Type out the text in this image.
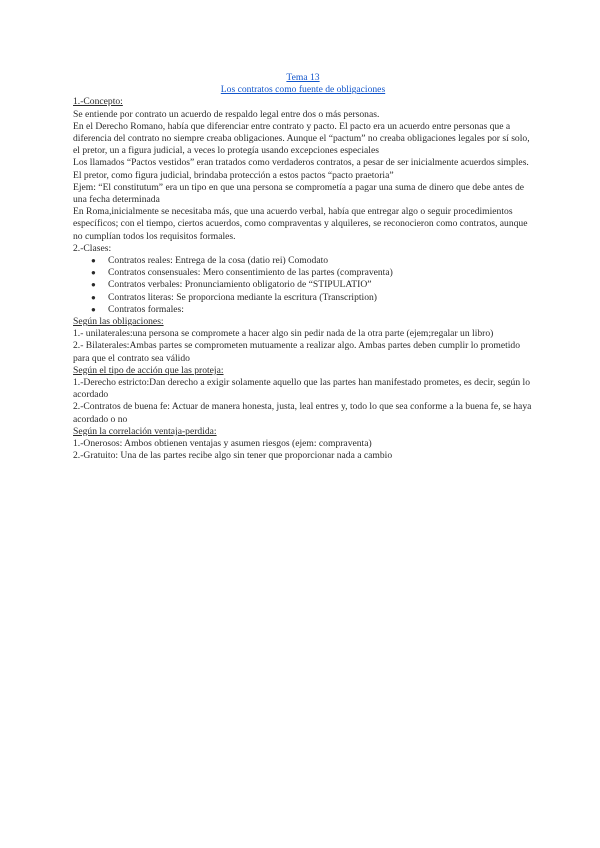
Tema 13
Los contratos como fuente de obligaciones

1.-Concepto:

Se entiende por contrato un acuerdo de respaldo legal entre dos o más personas.

En el Derecho Romano, había que diferenciar entre contrato y pacto. El pacto era un acuerdo entre personas que a diferencia del contrato no siempre creaba obligaciones. Aunque el “pactum” no creaba obligaciones legales por sí solo, el pretor, un a figura judicial, a veces lo protegía usando excepciones especiales

Los llamados “Pactos vestidos” eran tratados como verdaderos contratos, a pesar de ser inicialmente acuerdos simples. El pretor, como figura judicial, brindaba protección a estos pactos “pacto praetoria”

Ejem: “El constitutum” era un tipo en que una persona se comprometía a pagar una suma de dinero que debe antes de una fecha determinada

En Roma,inicialmente se necesitaba más, que una acuerdo verbal, había que entregar algo o seguir procedimientos específicos; con el tiempo, ciertos acuerdos, como compraventas y alquileres, se reconocieron como contratos, aunque no cumplían todos los requisitos formales.

2.-Clases:

● Contratos reales: Entrega de la cosa (datio rei) Comodato
● Contratos consensuales: Mero consentimiento de las partes (compraventa)
● Contratos verbales: Pronunciamiento obligatorio de “STIPULATIO”
● Contratos literas: Se proporciona mediante la escritura (Transcription)
● Contratos formales:

Según las obligaciones:

1.- unilaterales:una persona se compromete a hacer algo sin pedir nada de la otra parte (ejem;regalar un libro)

2.- Bilaterales:Ambas partes se comprometen mutuamente a realizar algo. Ambas partes deben cumplir lo prometido para que el contrato sea válido

Según el tipo de acción que las proteja:

1.-Derecho estricto:Dan derecho a exigir solamente aquello que las partes han manifestado prometes, es decir, según lo acordado

2.-Contratos de buena fe: Actuar de manera honesta, justa, leal entres y, todo lo que sea conforme a la buena fe, se haya acordado o no

Según la correlación ventaja-perdida:

1.-Onerosos: Ambos obtienen ventajas y asumen riesgos (ejem: compraventa)

2.-Gratuito: Una de las partes recibe algo sin tener que proporcionar nada a cambio
